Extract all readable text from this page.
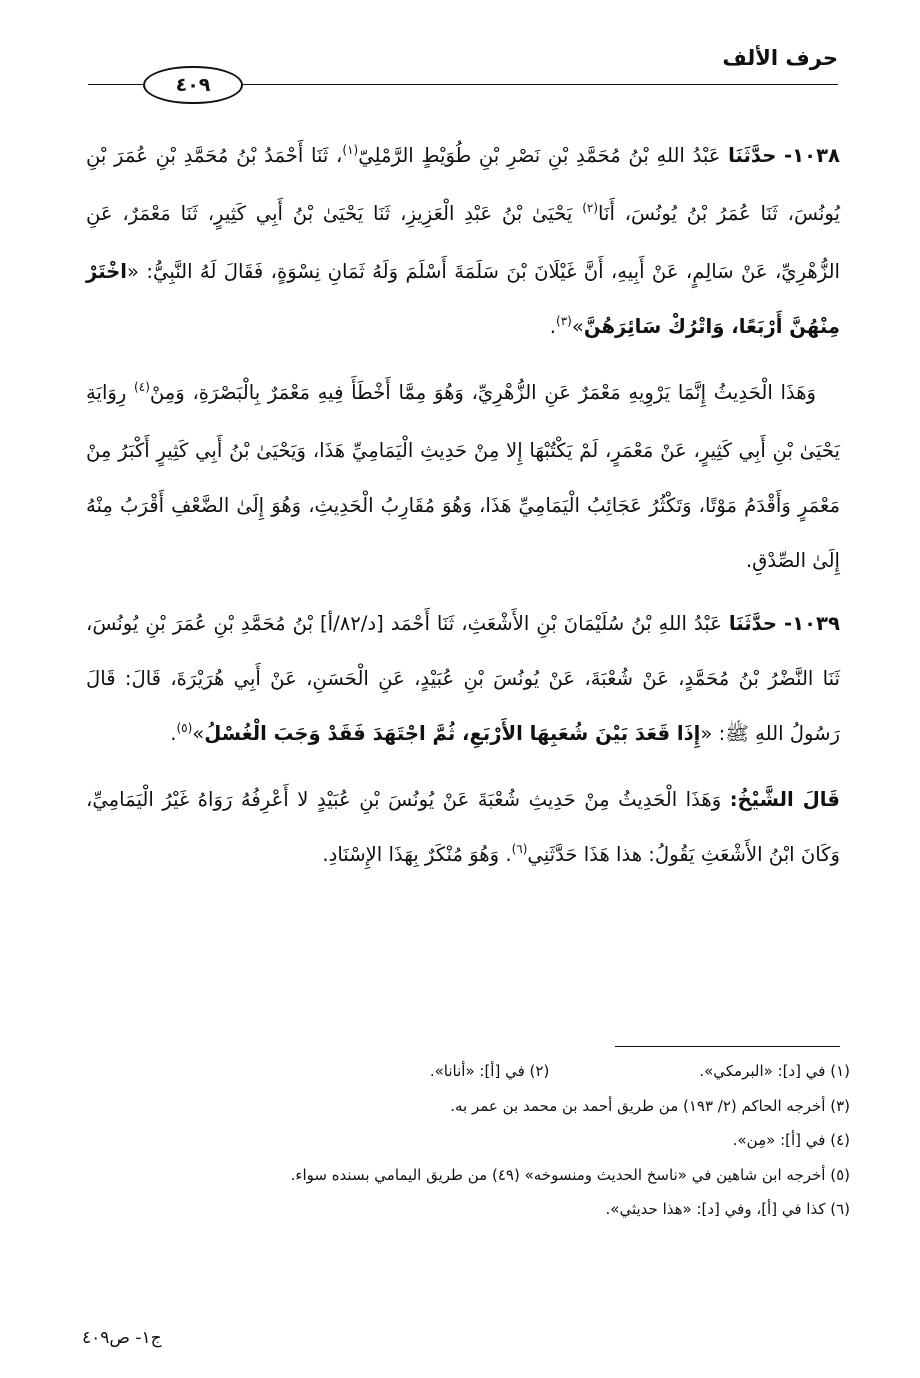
حرف الألف
٤٠٩

١٠٣٨- حدَّثَنَا عَبْدُ اللهِ بْنُ مُحَمَّدِ بْنِ نَصْرِ بْنِ طُوَيْطٍ الرَّمْلِيّ$^{(١)}$، ثَنَا أَحْمَدُ بْنُ مُحَمَّدِ بْنِ عُمَرَ بْنِ يُونُسَ، ثَنَا عُمَرُ بْنُ يُونُسَ، أَنَا$^{(٢)}$ يَحْيَىٰ بْنُ عَبْدِ الْعَزِيزِ، ثَنَا يَحْيَىٰ بْنُ أَبِي كَثِيرٍ، ثَنَا مَعْمَرٌ، عَنِ الزُّهْرِيِّ، عَنْ سَالِمٍ، عَنْ أَبِيهِ، أَنَّ غَيْلَانَ بْنَ سَلَمَةَ أَسْلَمَ وَلَهُ ثَمَانِ نِسْوَةٍ، فَقَالَ لَهُ النَّبِيُّ: «اخْتَرْ مِنْهُنَّ أَرْبَعًا، وَاتْرُكْ سَائِرَهُنَّ»$^{(٣)}$.

وَهَذَا الْحَدِيثُ إِنَّمَا يَرْوِيهِ مَعْمَرٌ عَنِ الزُّهْرِيِّ، وَهُوَ مِمَّا أَخْطَأَ فِيهِ مَعْمَرٌ بِالْبَصْرَةِ، وَمِنْ$^{(٤)}$ رِوَايَةِ يَحْيَىٰ بْنِ أَبِي كَثِيرٍ، عَنْ مَعْمَرٍ، لَمْ يَكْتُبْهَا إِلا مِنْ حَدِيثِ الْيَمَامِيِّ هَذَا، وَيَحْيَىٰ بْنُ أَبِي كَثِيرٍ أَكْبَرُ مِنْ مَعْمَرٍ وَأَقْدَمُ مَوْتًا، وَتَكْثُرُ عَجَائِبُ الْيَمَامِيِّ هَذَا، وَهُوَ مُقَارِبُ الْحَدِيثِ، وَهُوَ إِلَىٰ الضَّعْفِ أَقْرَبُ مِنْهُ إِلَىٰ الصِّدْقِ.

١٠٣٩- حدَّثَنَا عَبْدُ اللهِ بْنُ سُلَيْمَانَ بْنِ الأَشْعَثِ، ثَنَا أَحْمَد [د/٨٢/أ] بْنُ مُحَمَّدِ بْنِ عُمَرَ بْنِ يُونُسَ، ثَنَا النَّضْرُ بْنُ مُحَمَّدٍ، عَنْ شُعْبَةَ، عَنْ يُونُسَ بْنِ عُبَيْدٍ، عَنِ الْحَسَنِ، عَنْ أَبِي هُرَيْرَةَ، قَالَ: قَالَ رَسُولُ اللهِ ﷺ: «إِذَا قَعَدَ بَيْنَ شُعَبِهَا الأَرْبَعِ، ثُمَّ اجْتَهَدَ فَقَدْ وَجَبَ الْغُسْلُ»$^{(٥)}$.

قَالَ الشَّيْخُ: وَهَذَا الْحَدِيثُ مِنْ حَدِيثِ شُعْبَةَ عَنْ يُونُسَ بْنِ عُبَيْدٍ لا أَعْرِفُهُ رَوَاهُ غَيْرُ الْيَمَامِيِّ، وَكَانَ ابْنُ الأَشْعَثِ يَقُولُ: هذا هَذَا حَدَّثَنِي$^{(٦)}$. وَهُوَ مُنْكَرٌ بِهَذَا الإِسْنَادِ.

(١) في [د]: «البرمكي».(٢) في [أ]: «أنانا».
(٣) أخرجه الحاكم (٢/ ١٩٣) من طريق أحمد بن محمد بن عمر به.
(٤) في [أ]: «مِن».
(٥) أخرجه ابن شاهين في «ناسخ الحديث ومنسوخه» (٤٩) من طريق اليمامي بسنده سواء.
(٦) كذا في [أ]، وفي [د]: «هذا حديثي».
ج١- ص٤٠٩
